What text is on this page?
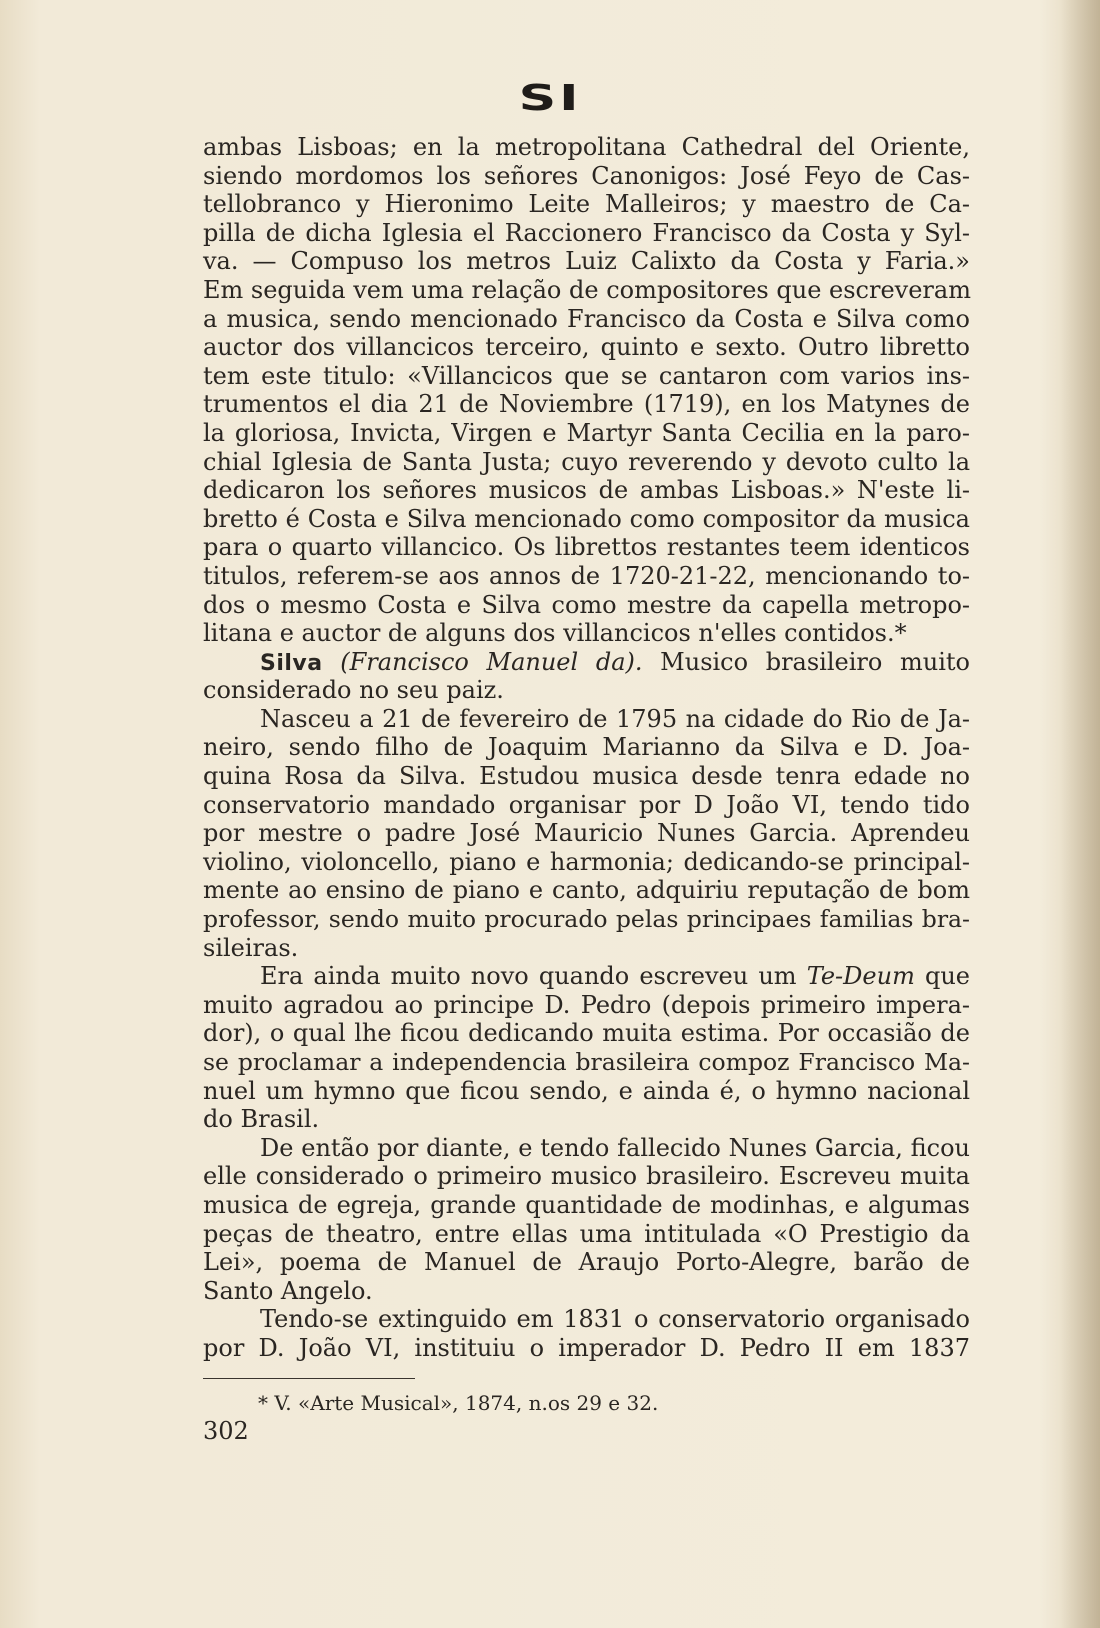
SI
ambas Lisboas; en la metropolitana Cathedral del Oriente,
siendo mordomos los señores Canonigos: José Feyo de Cas-
tellobranco y Hieronimo Leite Malleiros; y maestro de Ca-
pilla de dicha Iglesia el Raccionero Francisco da Costa y Syl-
va. — Compuso los metros Luiz Calixto da Costa y Faria.»
Em seguida vem uma relação de compositores que escreveram
a musica, sendo mencionado Francisco da Costa e Silva como
auctor dos villancicos terceiro, quinto e sexto. Outro libretto
tem este titulo: «Villancicos que se cantaron com varios ins-
trumentos el dia 21 de Noviembre (1719), en los Matynes de
la gloriosa, Invicta, Virgen e Martyr Santa Cecilia en la paro-
chial Iglesia de Santa Justa; cuyo reverendo y devoto culto la
dedicaron los señores musicos de ambas Lisboas.» N'este li-
bretto é Costa e Silva mencionado como compositor da musica
para o quarto villancico. Os librettos restantes teem identicos
titulos, referem-se aos annos de 1720-21-22, mencionando to-
dos o mesmo Costa e Silva como mestre da capella metropo-
litana e auctor de alguns dos villancicos n'elles contidos.*
Silva (Francisco Manuel da). Musico brasileiro muito
considerado no seu paiz.
Nasceu a 21 de fevereiro de 1795 na cidade do Rio de Ja-
neiro, sendo filho de Joaquim Marianno da Silva e D. Joa-
quina Rosa da Silva. Estudou musica desde tenra edade no
conservatorio mandado organisar por D João VI, tendo tido
por mestre o padre José Mauricio Nunes Garcia. Aprendeu
violino, violoncello, piano e harmonia; dedicando-se principal-
mente ao ensino de piano e canto, adquiriu reputação de bom
professor, sendo muito procurado pelas principaes familias bra-
sileiras.
Era ainda muito novo quando escreveu um Te-Deum que
muito agradou ao principe D. Pedro (depois primeiro impera-
dor), o qual lhe ficou dedicando muita estima. Por occasião de
se proclamar a independencia brasileira compoz Francisco Ma-
nuel um hymno que ficou sendo, e ainda é, o hymno nacional
do Brasil.
De então por diante, e tendo fallecido Nunes Garcia, ficou
elle considerado o primeiro musico brasileiro. Escreveu muita
musica de egreja, grande quantidade de modinhas, e algumas
peças de theatro, entre ellas uma intitulada «O Prestigio da
Lei», poema de Manuel de Araujo Porto-Alegre, barão de
Santo Angelo.
Tendo-se extinguido em 1831 o conservatorio organisado
por D. João VI, instituiu o imperador D. Pedro II em 1837
* V. «Arte Musical», 1874, n.os 29 e 32.
302
